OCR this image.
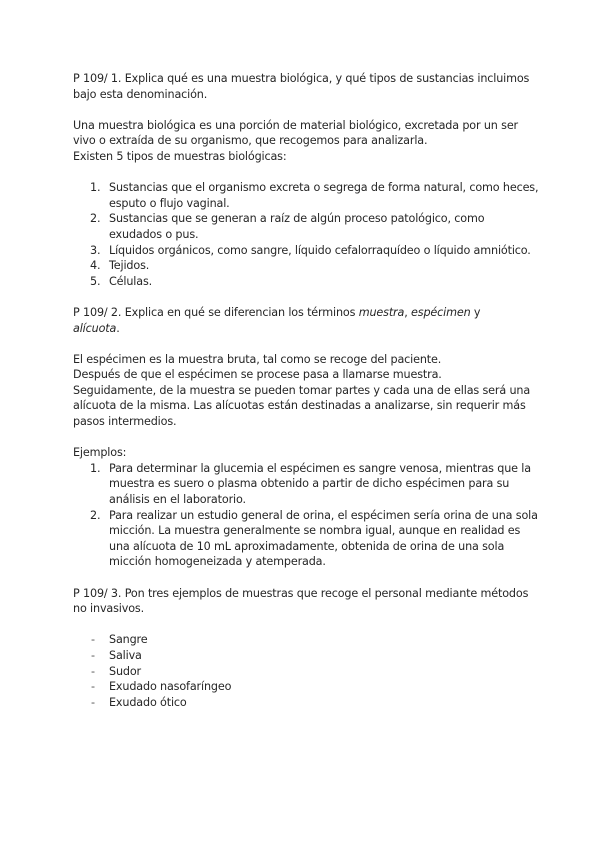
P 109/ 1. Explica qué es una muestra biológica, y qué tipos de sustancias incluimos bajo esta denominación.

Una muestra biológica es una porción de material biológico, excretada por un ser vivo o extraída de su organismo, que recogemos para analizarla.

Existen 5 tipos de muestras biológicas:

1. Sustancias que el organismo excreta o segrega de forma natural, como heces, esputo o flujo vaginal.
2. Sustancias que se generan a raíz de algún proceso patológico, como exudados o pus.
3. Líquidos orgánicos, como sangre, líquido cefalorraquídeo o líquido amniótico.
4. Tejidos.
5. Células.

P 109/ 2. Explica en qué se diferencian los términos muestra, espécimen y
alícuota.

El espécimen es la muestra bruta, tal como se recoge del paciente.

Después de que el espécimen se procese pasa a llamarse muestra.

Seguidamente, de la muestra se pueden tomar partes y cada una de ellas será una alícuota de la misma. Las alícuotas están destinadas a analizarse, sin requerir más pasos intermedios.

Ejemplos:

1. Para determinar la glucemia el espécimen es sangre venosa, mientras que la muestra es suero o plasma obtenido a partir de dicho espécimen para su análisis en el laboratorio.
2. Para realizar un estudio general de orina, el espécimen sería orina de una sola micción. La muestra generalmente se nombra igual, aunque en realidad es una alícuota de 10 mL aproximadamente, obtenida de orina de una sola micción homogeneizada y atemperada.

P 109/ 3. Pon tres ejemplos de muestras que recoge el personal mediante métodos no invasivos.

- Sangre
- Saliva
- Sudor
- Exudado nasofaríngeo
- Exudado ótico
